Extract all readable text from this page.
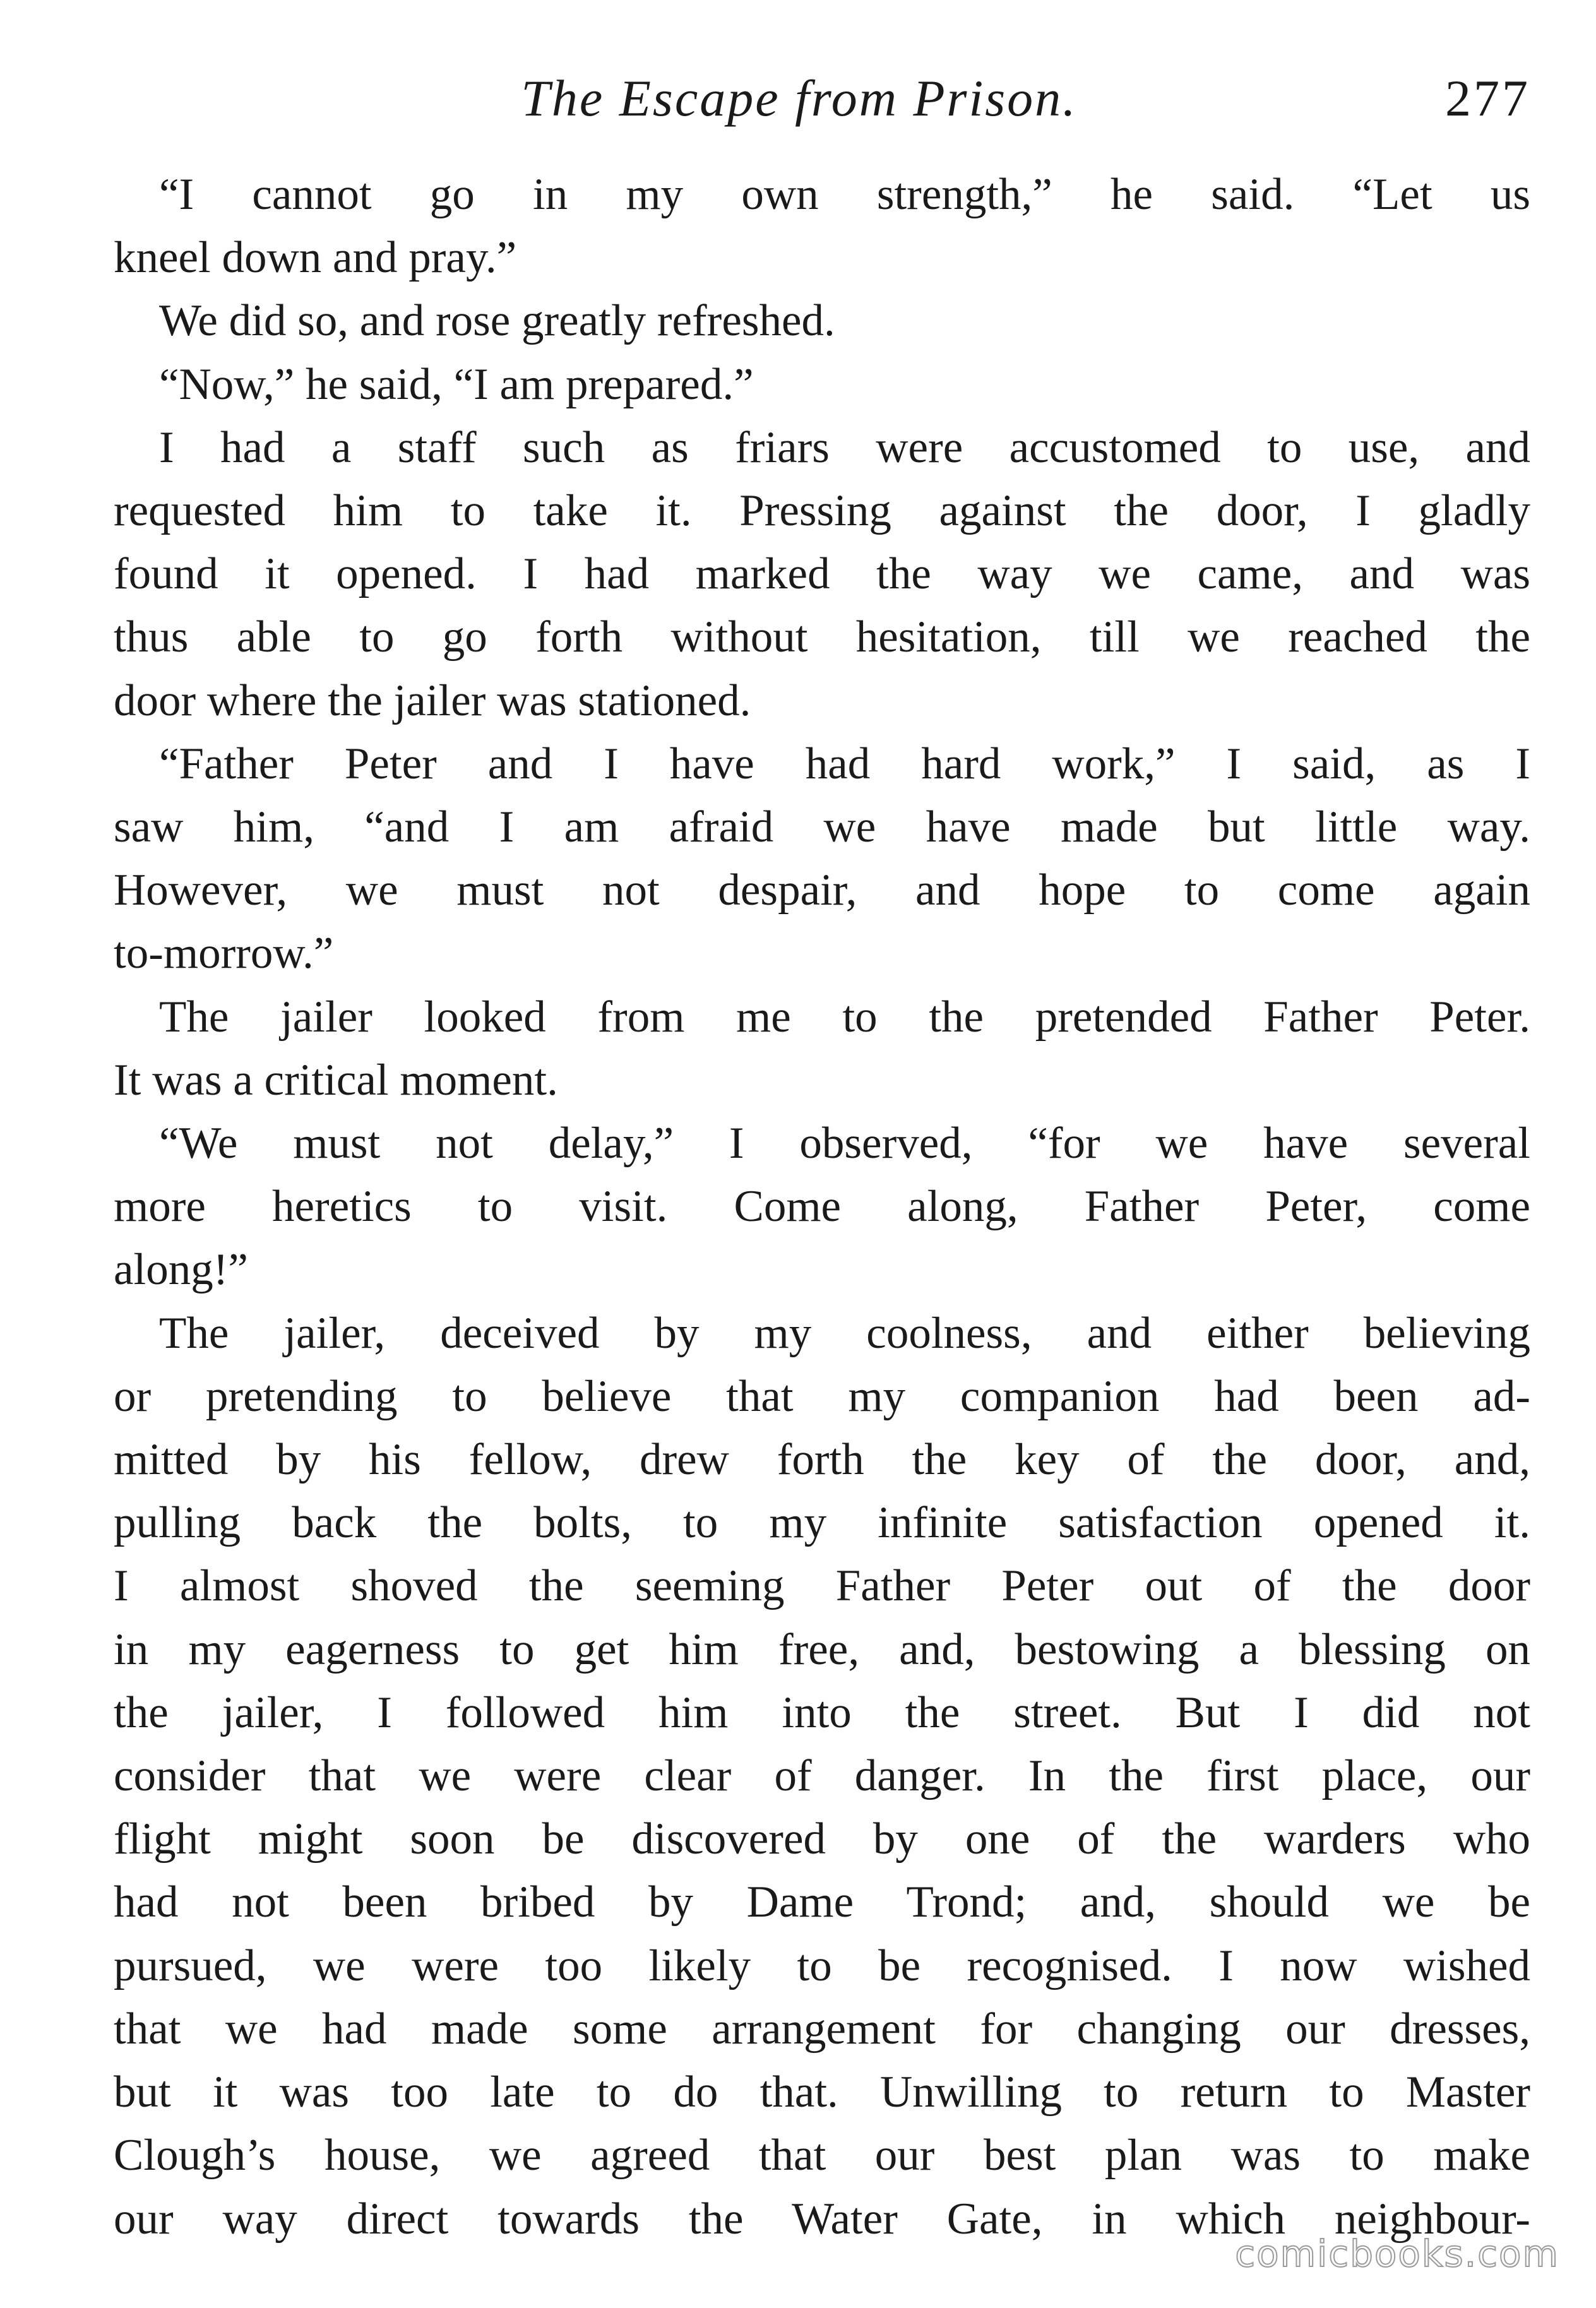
The Escape from Prison.	277
“I cannot go in my own strength,” he said. “Let us
kneel down and pray.”
We did so, and rose greatly refreshed.
“Now,” he said, “I am prepared.”
I had a staff such as friars were accustomed to use, and
requested him to take it. Pressing against the door, I gladly
found it opened. I had marked the way we came, and was
thus able to go forth without hesitation, till we reached the
door where the jailer was stationed.
“Father Peter and I have had hard work,” I said, as I
saw him, “and I am afraid we have made but little way.
However, we must not despair, and hope to come again
to-morrow.”
The jailer looked from me to the pretended Father Peter.
It was a critical moment.
“We must not delay,” I observed, “for we have several
more heretics to visit. Come along, Father Peter, come
along!”
The jailer, deceived by my coolness, and either believing
or pretending to believe that my companion had been ad-
mitted by his fellow, drew forth the key of the door, and,
pulling back the bolts, to my infinite satisfaction opened it.
I almost shoved the seeming Father Peter out of the door
in my eagerness to get him free, and, bestowing a blessing on
the jailer, I followed him into the street. But I did not
consider that we were clear of danger. In the first place, our
flight might soon be discovered by one of the warders who
had not been bribed by Dame Trond; and, should we be
pursued, we were too likely to be recognised. I now wished
that we had made some arrangement for changing our dresses,
but it was too late to do that. Unwilling to return to Master
Clough’s house, we agreed that our best plan was to make
our way direct towards the Water Gate, in which neighbour-
comicbooks.com
